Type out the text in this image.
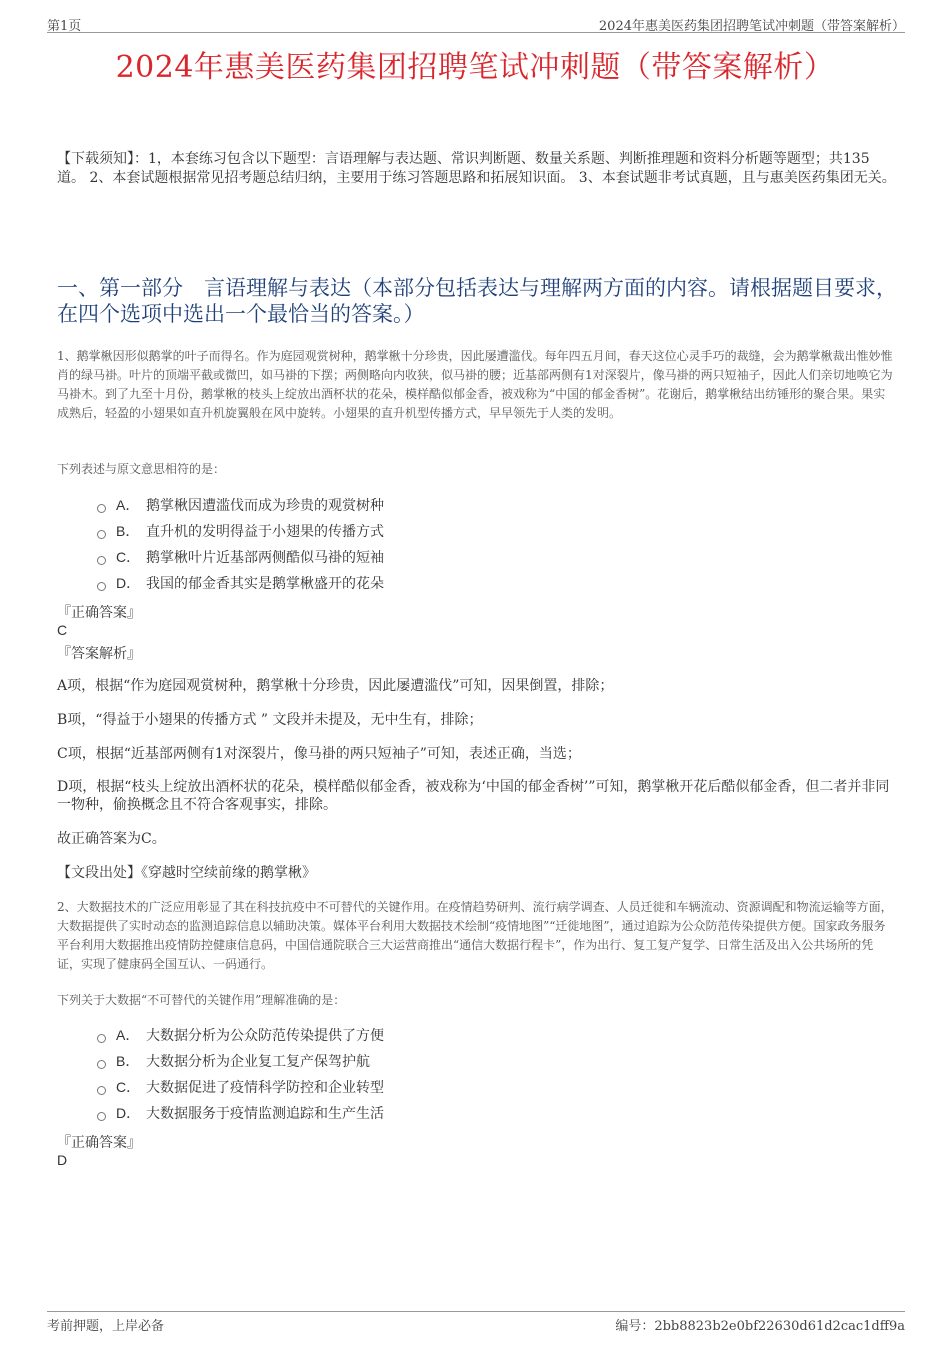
第1页	2024年惠美医药集团招聘笔试冲刺题（带答案解析）
2024年惠美医药集团招聘笔试冲刺题（带答案解析）
【下载须知】：1，本套练习包含以下题型：言语理解与表达题、常识判断题、数量关系题、判断推理题和资料分析题等题型；共135道。 2、本套试题根据常见招考题总结归纳，主要用于练习答题思路和拓展知识面。 3、本套试题非考试真题，且与惠美医药集团无关。
一、第一部分　言语理解与表达（本部分包括表达与理解两方面的内容。请根据题目要求，在四个选项中选出一个最恰当的答案。）
1、鹅掌楸因形似鹅掌的叶子而得名。作为庭园观赏树种，鹅掌楸十分珍贵，因此屡遭滥伐。每年四五月间，春天这位心灵手巧的裁缝，会为鹅掌楸裁出惟妙惟肖的绿马褂。叶片的顶端平截或微凹，如马褂的下摆；两侧略向内收狭，似马褂的腰；近基部两侧有1对深裂片，像马褂的两只短袖子，因此人们亲切地唤它为马褂木。到了九至十月份，鹅掌楸的枝头上绽放出酒杯状的花朵，模样酷似郁金香，被戏称为“中国的郁金香树”。花谢后，鹅掌楸结出纺锤形的聚合果。果实成熟后，轻盈的小翅果如直升机旋翼般在风中旋转。小翅果的直升机型传播方式，早早领先于人类的发明。
下列表述与原文意思相符的是：
A． 鹅掌楸因遭滥伐而成为珍贵的观赏树种
B． 直升机的发明得益于小翅果的传播方式
C． 鹅掌楸叶片近基部两侧酷似马褂的短袖
D． 我国的郁金香其实是鹅掌楸盛开的花朵
『正确答案』
C
『答案解析』
A项，根据“作为庭园观赏树种，鹅掌楸十分珍贵，因此屡遭滥伐”可知，因果倒置，排除；
B项，“得益于小翅果的传播方式 ” 文段并未提及，无中生有，排除；
C项，根据“近基部两侧有1对深裂片，像马褂的两只短袖子”可知，表述正确，当选；
D项，根据“枝头上绽放出酒杯状的花朵，模样酷似郁金香，被戏称为‘中国的郁金香树’”可知，鹅掌楸开花后酷似郁金香，但二者并非同一物种，偷换概念且不符合客观事实，排除。
故正确答案为C。
【文段出处】《穿越时空续前缘的鹅掌楸》
2、大数据技术的广泛应用彰显了其在科技抗疫中不可替代的关键作用。在疫情趋势研判、流行病学调查、人员迁徙和车辆流动、资源调配和物流运输等方面，大数据提供了实时动态的监测追踪信息以辅助决策。媒体平台利用大数据技术绘制“疫情地图”“迁徙地图”，通过追踪为公众防范传染提供方便。国家政务服务平台利用大数据推出疫情防控健康信息码，中国信通院联合三大运营商推出“通信大数据行程卡”，作为出行、复工复产复学、日常生活及出入公共场所的凭证，实现了健康码全国互认、一码通行。
下列关于大数据“不可替代的关键作用”理解准确的是：
A． 大数据分析为公众防范传染提供了方便
B． 大数据分析为企业复工复产保驾护航
C． 大数据促进了疫情科学防控和企业转型
D． 大数据服务于疫情监测追踪和生产生活
『正确答案』
D
考前押题，上岸必备	编号：2bb8823b2e0bf22630d61d2cac1dff9a
